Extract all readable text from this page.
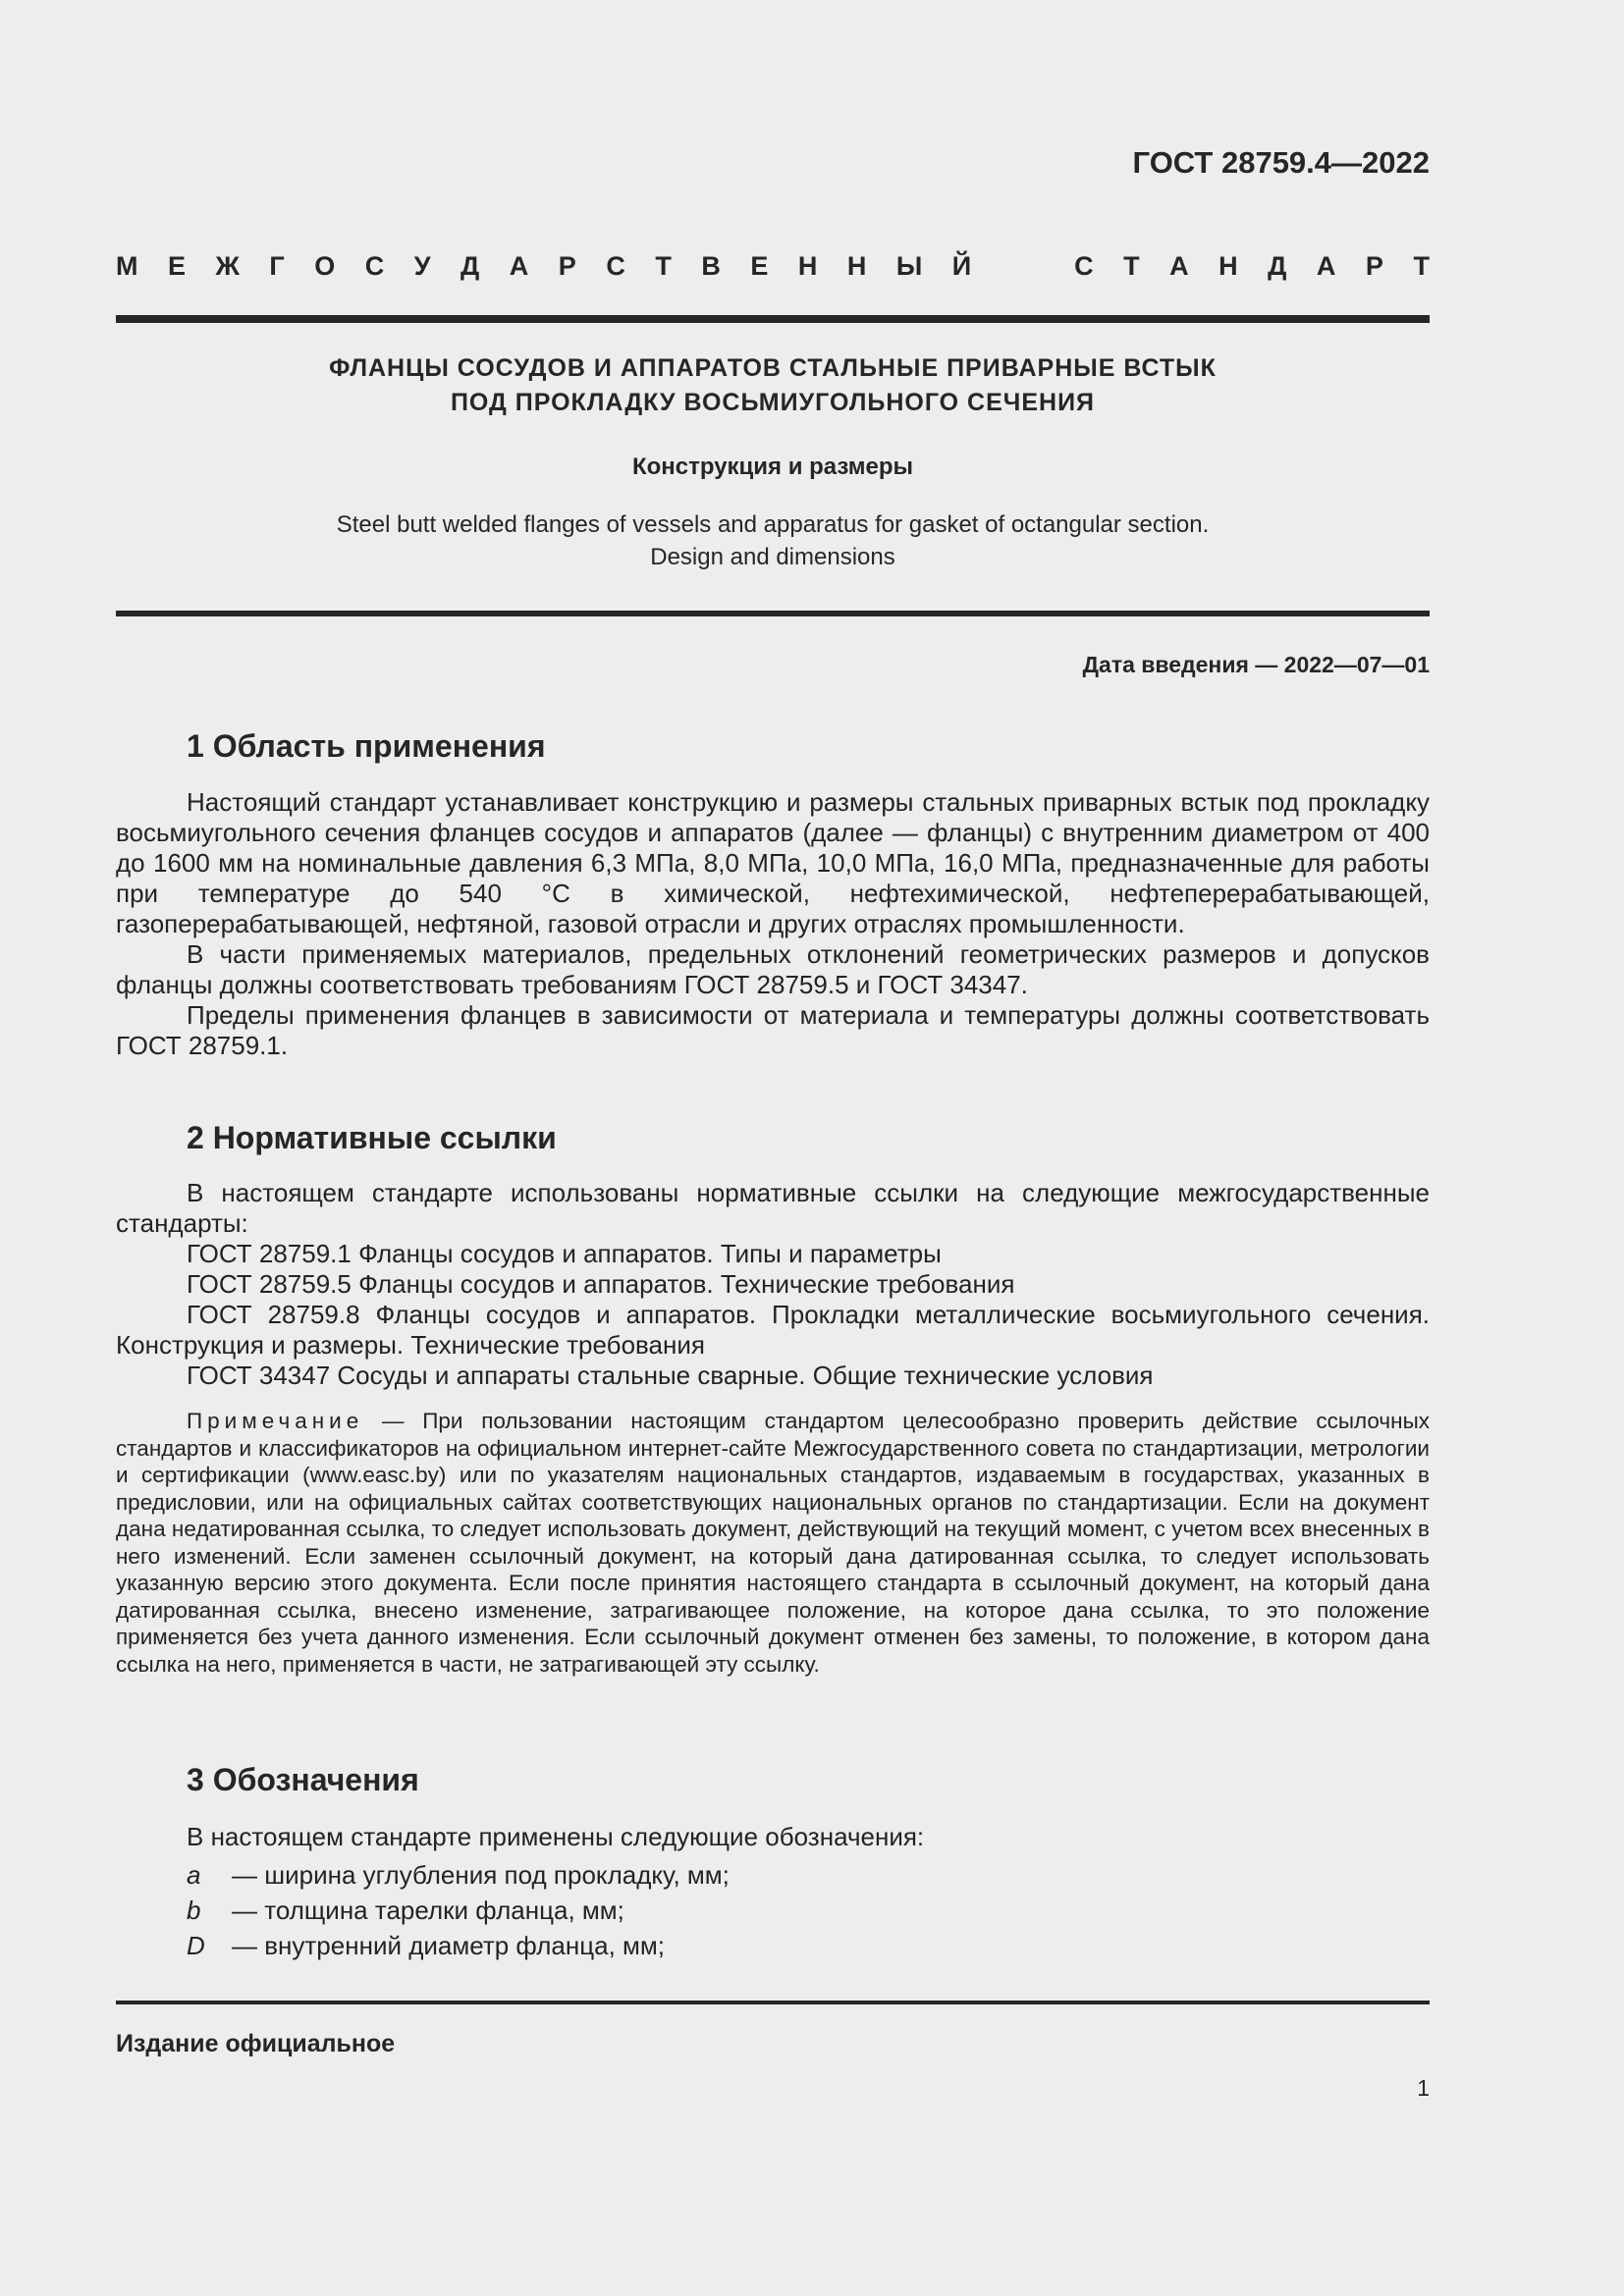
ГОСТ 28759.4—2022
М Е Ж Г О С У Д А Р С Т В Е Н Н Ы Й	С Т А Н Д А Р Т
ФЛАНЦЫ СОСУДОВ И АППАРАТОВ СТАЛЬНЫЕ ПРИВАРНЫЕ ВСТЫК
ПОД ПРОКЛАДКУ ВОСЬМИУГОЛЬНОГО СЕЧЕНИЯ
Конструкция и размеры
Steel butt welded flanges of vessels and apparatus for gasket of octangular section.
Design and dimensions
Дата введения — 2022—07—01
1 Область применения

Настоящий стандарт устанавливает конструкцию и размеры стальных приварных встык под прокладку восьмиугольного сечения фланцев сосудов и аппаратов (далее — фланцы) с внутренним диаметром от 400 до 1600 мм на номинальные давления 6,3 МПа, 8,0 МПа, 10,0 МПа, 16,0 МПа, предназначенные для работы при температуре до 540 °С в химической, нефтехимической, нефтеперерабатывающей, газоперерабатывающей, нефтяной, газовой отрасли и других отраслях промышленности.

В части применяемых материалов, предельных отклонений геометрических размеров и допусков фланцы должны соответствовать требованиям ГОСТ 28759.5 и ГОСТ 34347.

Пределы применения фланцев в зависимости от материала и температуры должны соответствовать ГОСТ 28759.1.

2 Нормативные ссылки

В настоящем стандарте использованы нормативные ссылки на следующие межгосударственные стандарты:

ГОСТ 28759.1 Фланцы сосудов и аппаратов. Типы и параметры

ГОСТ 28759.5 Фланцы сосудов и аппаратов. Технические требования

ГОСТ 28759.8 Фланцы сосудов и аппаратов. Прокладки металлические восьмиугольного сечения. Конструкция и размеры. Технические требования

ГОСТ 34347 Сосуды и аппараты стальные сварные. Общие технические условия

Примечание — При пользовании настоящим стандартом целесообразно проверить действие ссылочных стандартов и классификаторов на официальном интернет-сайте Межгосударственного совета по стандартизации, метрологии и сертификации (www.easc.by) или по указателям национальных стандартов, издаваемым в государствах, указанных в предисловии, или на официальных сайтах соответствующих национальных органов по стандартизации. Если на документ дана недатированная ссылка, то следует использовать документ, действующий на текущий момент, с учетом всех внесенных в него изменений. Если заменен ссылочный документ, на который дана датированная ссылка, то следует использовать указанную версию этого документа. Если после принятия настоящего стандарта в ссылочный документ, на который дана датированная ссылка, внесено изменение, затрагивающее положение, на которое дана ссылка, то это положение применяется без учета данного изменения. Если ссылочный документ отменен без замены, то положение, в котором дана ссылка на него, применяется в части, не затрагивающей эту ссылку.

3 Обозначения

В настоящем стандарте применены следующие обозначения:

a	— ширина углубления под прокладку, мм;
b	— толщина тарелки фланца, мм;
D	— внутренний диаметр фланца, мм;
Издание официальное
1
